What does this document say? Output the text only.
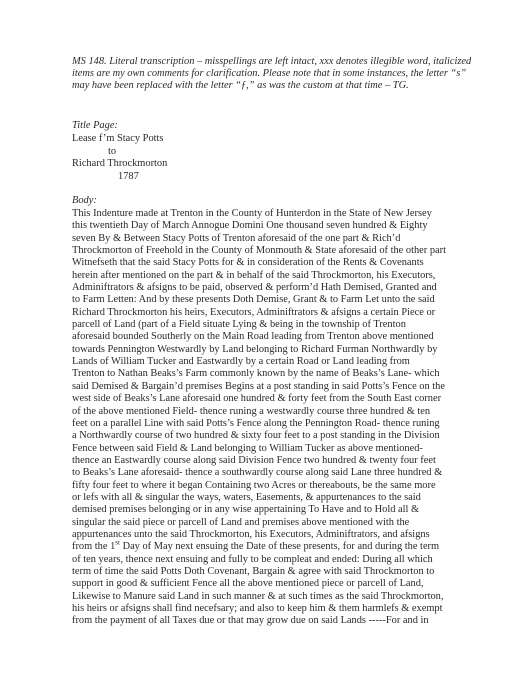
MS 148. Literal transcription – misspellings are left intact, xxx denotes illegible word, italicized items are my own comments for clarification. Please note that in some instances, the letter “s” may have been replaced with the letter “ƒ,” as was the custom at that time – TG.
Title Page:
Lease f’m Stacy Potts
to
Richard Throckmorton
1787
Body:
This Indenture made at Trenton in the County of Hunterdon in the State of New Jersey
this twentieth Day of March Annogue Domini One thousand seven hundred & Eighty
seven By & Between Stacy Potts of Trenton aforesaid of the one part & Rich’d
Throckmorton of Freehold in the County of Monmouth & State aforesaid of the other part
Witnefseth that the said Stacy Potts for & in consideration of the Rents & Covenants
herein after mentioned on the part & in behalf of the said Throckmorton, his Executors,
Adminiftrators & afsigns to be paid, observed & perform’d Hath Demised, Granted and
to Farm Letten: And by these presents Doth Demise, Grant & to Farm Let unto the said
Richard Throckmorton his heirs, Executors, Adminiftrators & afsigns a certain Piece or
parcell of Land (part of a Field situate Lying & being in the township of Trenton
aforesaid bounded Southerly on the Main Road leading from Trenton above mentioned
towards Pennington Westwardly by Land belonging to Richard Furman Northwardly by
Lands of William Tucker and Eastwardly by a certain Road or Land leading from
Trenton to Nathan Beaks’s Farm commonly known by the name of Beaks’s Lane- which
said Demised & Bargain’d premises Begins at a post standing in said Potts’s Fence on the
west side of Beaks’s Lane aforesaid one hundred & forty feet from the South East corner
of the above mentioned Field- thence runing a westwardly course three hundred & ten
feet on a parallel Line with said Potts’s Fence along the Pennington Road- thence runing
a Northwardly course of two hundred & sixty four feet to a post standing in the Division
Fence between said Field & Land belonging to William Tucker as above mentioned-
thence an Eastwardly course along said Division Fence two hundred & twenty four feet
to Beaks’s Lane aforesaid- thence a southwardly course along said Lane three hundred &
fifty four feet to where it began Containing two Acres or thereabouts, be the same more
or lefs with all & singular the ways, waters, Easements, & appurtenances to the said
demised premises belonging or in any wise appertaining To Have and to Hold all &
singular the said piece or parcell of Land and premises above mentioned with the
appurtenances unto the said Throckmorton, his Executors, Adminiftrators, and afsigns
from the 1st Day of May next ensuing the Date of these presents, for and during the term
of ten years, thence next ensuing and fully to be compleat and ended: During all which
term of time the said Potts Doth Covenant, Bargain & agree with said Throckmorton to
support in good & sufficient Fence all the above mentioned piece or parcell of Land,
Likewise to Manure said Land in such manner & at such times as the said Throckmorton,
his heirs or afsigns shall find necefsary; and also to keep him & them harmlefs & exempt
from the payment of all Taxes due or that may grow due on said Lands -----For and in
